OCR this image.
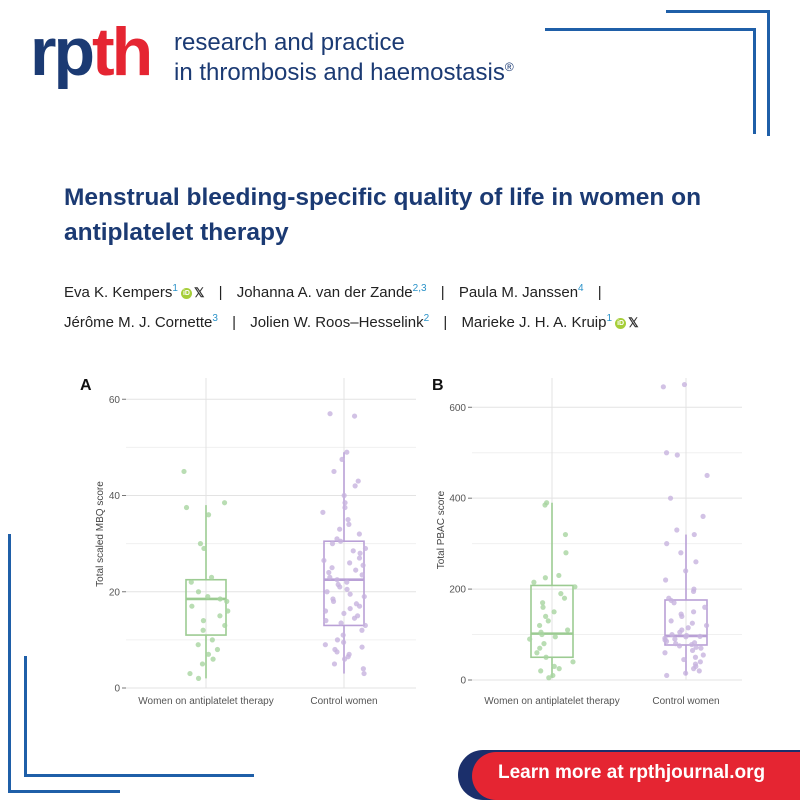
rpth research and practice
in thrombosis and haemostasis®
Menstrual bleeding-specific quality of life in women on antiplatelet therapy
Eva K. Kempers$^1$ iD 𝕏 | Johanna A. van der Zande$^{2,3}$ | Paula M. Janssen$^4$ |
Jérôme M. J. Cornette$^3$ | Jolien W. Roos–Hesselink$^2$ | Marieke J. H. A. Kruip$^1$ iD 𝕏
A
Total scaled MBQ score
0
20
40
60
Women on antiplatelet therapy	Control women
B
Total PBAC score
0
200
400
600
Women on antiplatelet therapy	Control women
Learn more at rpthjournal.org
